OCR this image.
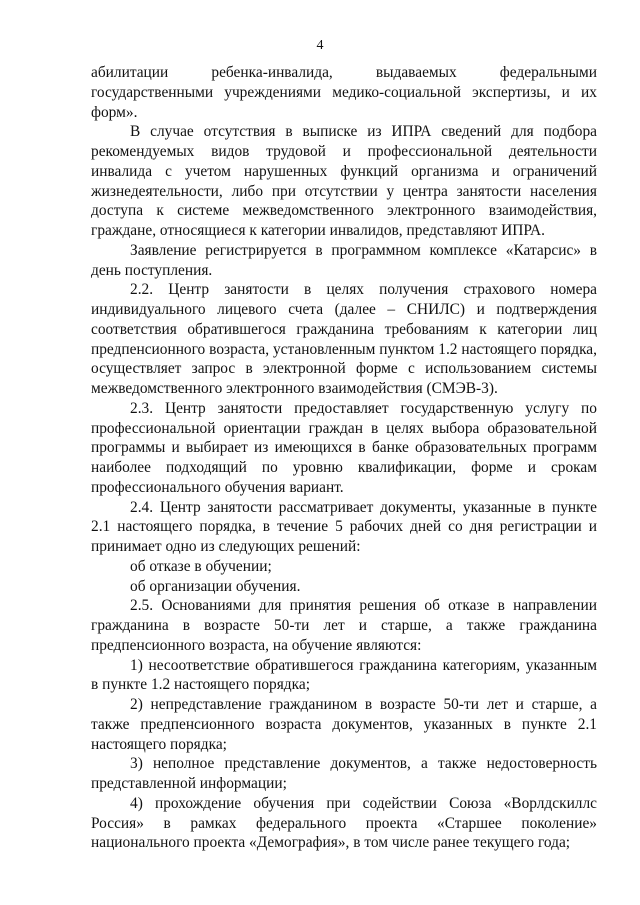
4

абилитации ребенка-инвалида, выдаваемых федеральными государственными учреждениями медико-социальной экспертизы, и их форм».

В случае отсутствия в выписке из ИПРА сведений для подбора рекомендуемых видов трудовой и профессиональной деятельности инвалида с учетом нарушенных функций организма и ограничений жизнедеятельности, либо при отсутствии у центра занятости населения доступа к системе межведомственного электронного взаимодействия, граждане, относящиеся к категории инвалидов, представляют ИПРА.

Заявление регистрируется в программном комплексе «Катарсис» в день поступления.

2.2. Центр занятости в целях получения страхового номера индивидуального лицевого счета (далее – СНИЛС) и подтверждения соответствия обратившегося гражданина требованиям к категории лиц предпенсионного возраста, установленным пунктом 1.2 настоящего порядка, осуществляет запрос в электронной форме с использованием системы межведомственного электронного взаимодействия (СМЭВ-3).

2.3. Центр занятости предоставляет государственную услугу по профессиональной ориентации граждан в целях выбора образовательной программы и выбирает из имеющихся в банке образовательных программ наиболее подходящий по уровню квалификации, форме и срокам профессионального обучения вариант.

2.4. Центр занятости рассматривает документы, указанные в пункте 2.1 настоящего порядка, в течение 5 рабочих дней со дня регистрации и принимает одно из следующих решений:

об отказе в обучении;

об организации обучения.

2.5. Основаниями для принятия решения об отказе в направлении гражданина в возрасте 50-ти лет и старше, а также гражданина предпенсионного возраста, на обучение являются:

1) несоответствие обратившегося гражданина категориям, указанным в пункте 1.2 настоящего порядка;

2) непредставление гражданином в возрасте 50-ти лет и старше, а также предпенсионного возраста документов, указанных в пункте 2.1 настоящего порядка;

3) неполное представление документов, а также недостоверность представленной информации;

4) прохождение обучения при содействии Союза «Ворлдскиллс Россия» в рамках федерального проекта «Старшее поколение» национального проекта «Демография», в том числе ранее текущего года;
